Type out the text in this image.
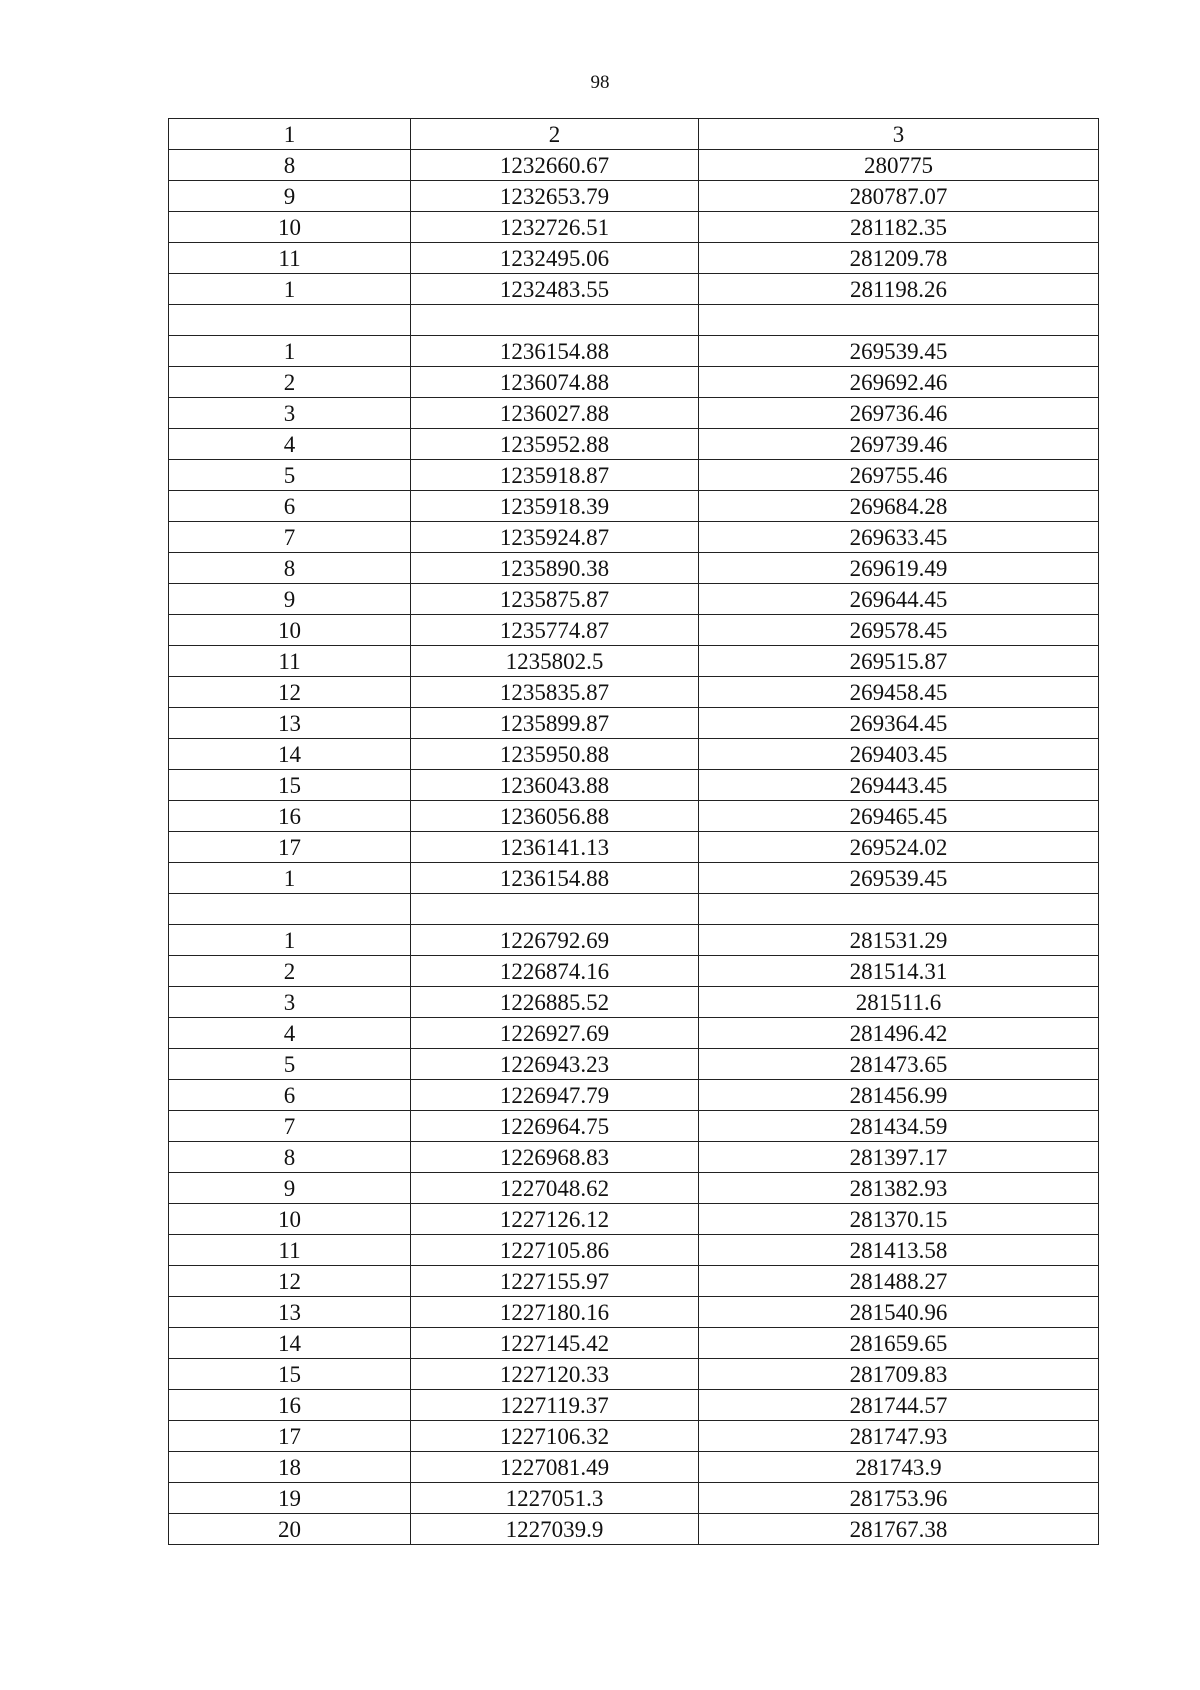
98
1	2	3
8	1232660.67	280775
9	1232653.79	280787.07
10	1232726.51	281182.35
11	1232495.06	281209.78
1	1232483.55	281198.26

1	1236154.88	269539.45
2	1236074.88	269692.46
3	1236027.88	269736.46
4	1235952.88	269739.46
5	1235918.87	269755.46
6	1235918.39	269684.28
7	1235924.87	269633.45
8	1235890.38	269619.49
9	1235875.87	269644.45
10	1235774.87	269578.45
11	1235802.5	269515.87
12	1235835.87	269458.45
13	1235899.87	269364.45
14	1235950.88	269403.45
15	1236043.88	269443.45
16	1236056.88	269465.45
17	1236141.13	269524.02
1	1236154.88	269539.45

1	1226792.69	281531.29
2	1226874.16	281514.31
3	1226885.52	281511.6
4	1226927.69	281496.42
5	1226943.23	281473.65
6	1226947.79	281456.99
7	1226964.75	281434.59
8	1226968.83	281397.17
9	1227048.62	281382.93
10	1227126.12	281370.15
11	1227105.86	281413.58
12	1227155.97	281488.27
13	1227180.16	281540.96
14	1227145.42	281659.65
15	1227120.33	281709.83
16	1227119.37	281744.57
17	1227106.32	281747.93
18	1227081.49	281743.9
19	1227051.3	281753.96
20	1227039.9	281767.38
